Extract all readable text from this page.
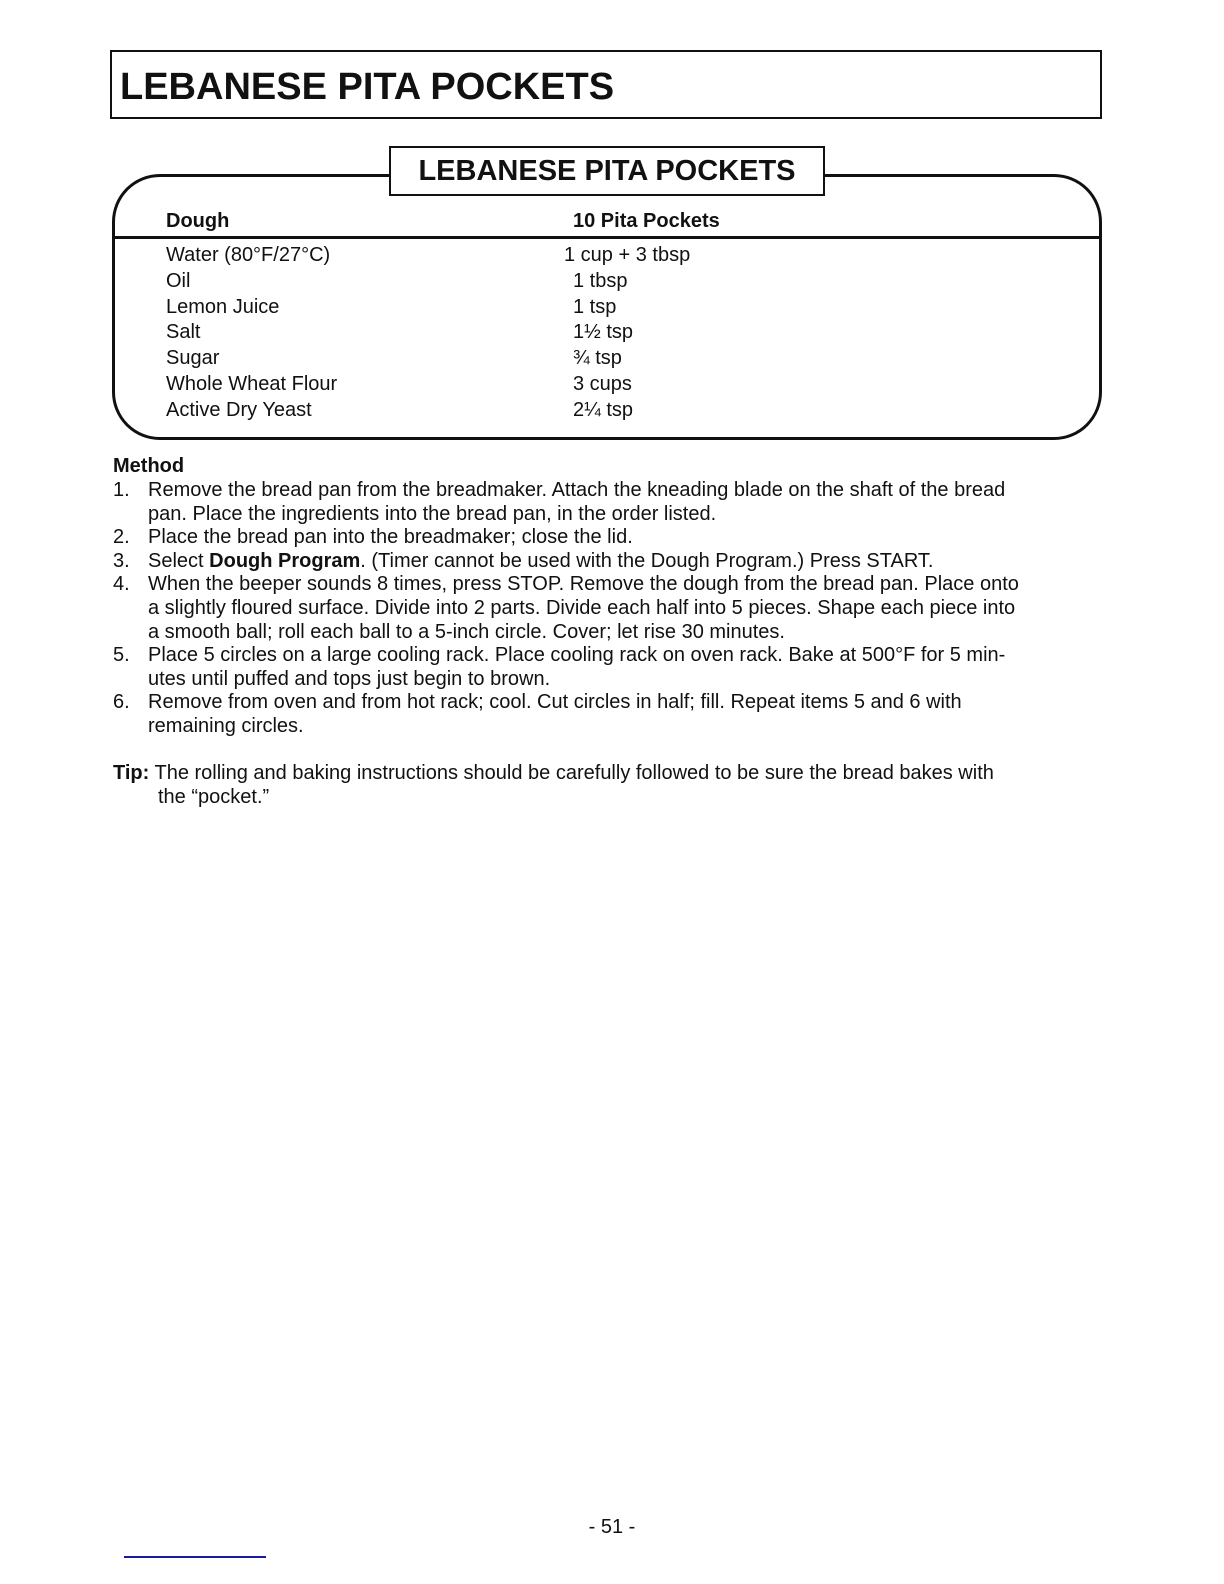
LEBANESE PITA POCKETS
LEBANESE PITA POCKETS
Dough	10 Pita Pockets
Water (80°F/27°C)	1 cup + 3 tbsp
Oil	1 tbsp
Lemon Juice	1 tsp
Salt	1½ tsp
Sugar	¾ tsp
Whole Wheat Flour	3 cups
Active Dry Yeast	2¼ tsp
Method
1. Remove the bread pan from the breadmaker. Attach the kneading blade on the shaft of the bread
pan. Place the ingredients into the bread pan, in the order listed.
2. Place the bread pan into the breadmaker; close the lid.
3. Select Dough Program. (Timer cannot be used with the Dough Program.) Press START.
4. When the beeper sounds 8 times, press STOP. Remove the dough from the bread pan. Place onto
a slightly floured surface. Divide into 2 parts. Divide each half into 5 pieces. Shape each piece into
a smooth ball; roll each ball to a 5-inch circle. Cover; let rise 30 minutes.
5. Place 5 circles on a large cooling rack. Place cooling rack on oven rack. Bake at 500°F for 5 min-
utes until puffed and tops just begin to brown.
6. Remove from oven and from hot rack; cool. Cut circles in half; fill. Repeat items 5 and 6 with
remaining circles.
Tip: The rolling and baking instructions should be carefully followed to be sure the bread bakes with
the “pocket.”
- 51 -
